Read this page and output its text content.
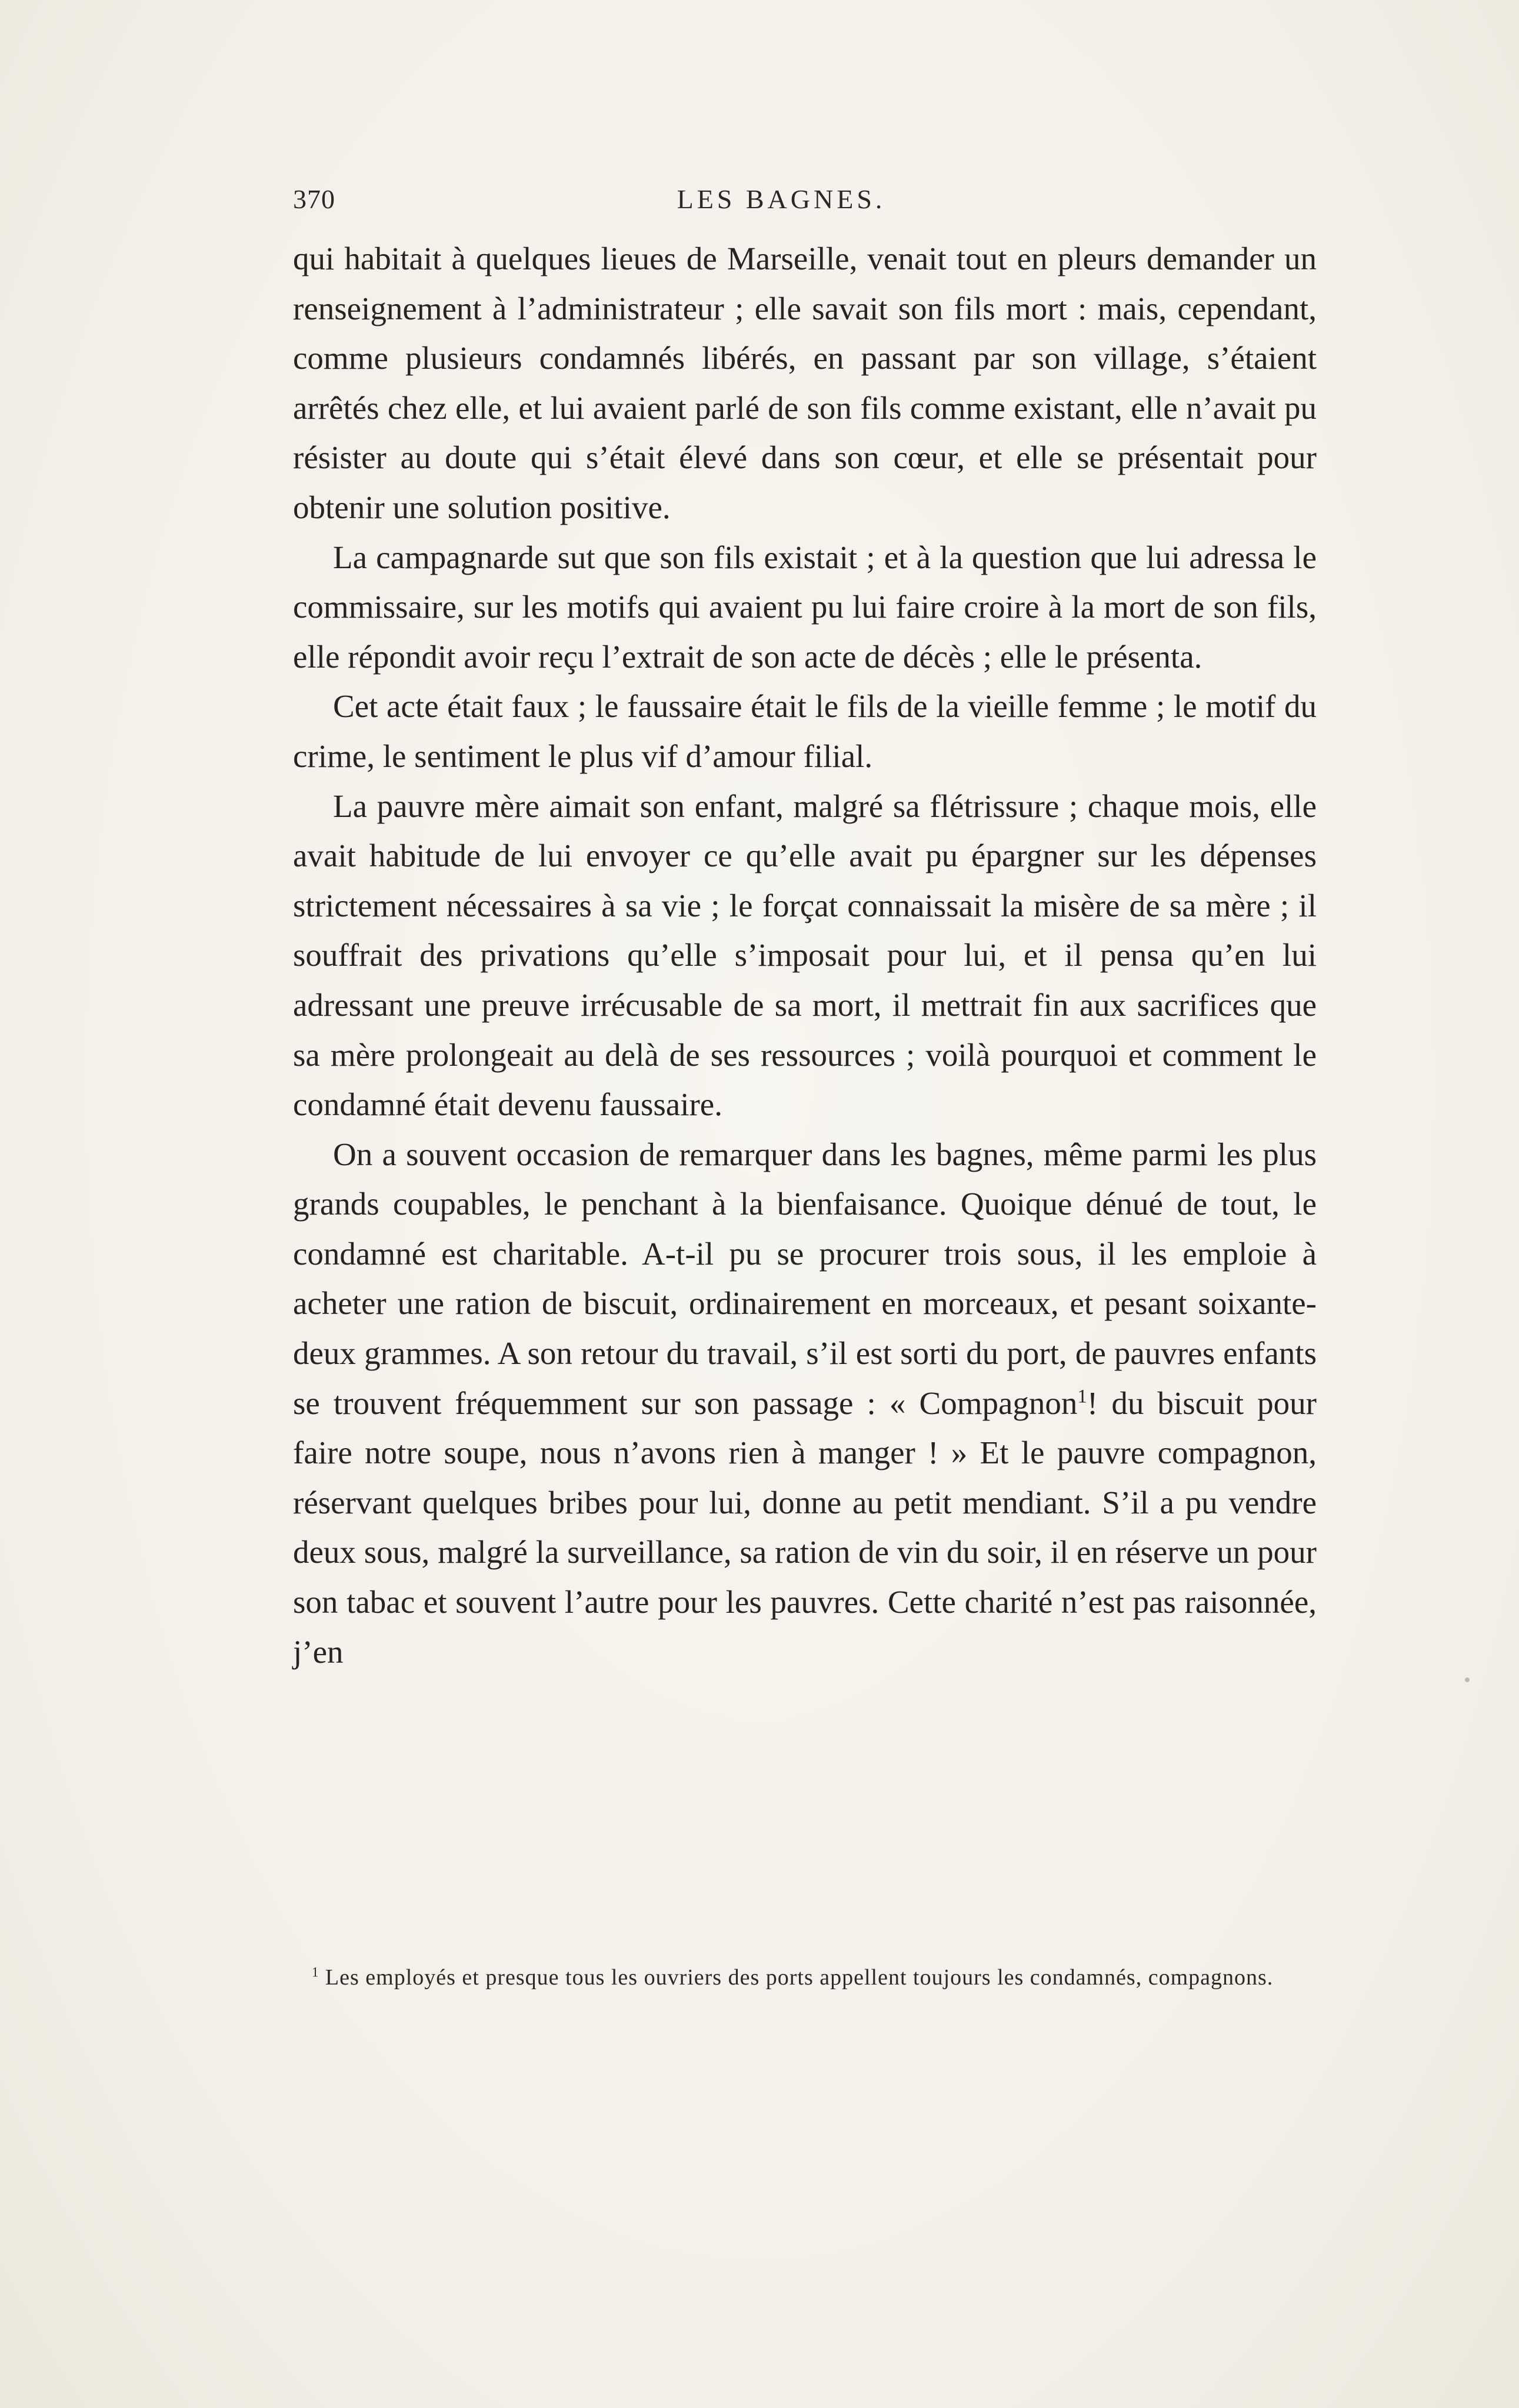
370	LES BAGNES.

qui habitait à quelques lieues de Marseille, venait tout en pleurs demander un renseignement à l’administrateur ; elle savait son fils mort : mais, cependant, comme plusieurs condamnés libérés, en passant par son village, s’étaient arrêtés chez elle, et lui avaient parlé de son fils comme existant, elle n’avait pu résister au doute qui s’était élevé dans son cœur, et elle se présentait pour obtenir une solution positive.

La campagnarde sut que son fils existait ; et à la question que lui adressa le commissaire, sur les motifs qui avaient pu lui faire croire à la mort de son fils, elle répondit avoir reçu l’extrait de son acte de décès ; elle le présenta.

Cet acte était faux ; le faussaire était le fils de la vieille femme ; le motif du crime, le sentiment le plus vif d’amour filial.

La pauvre mère aimait son enfant, malgré sa flétrissure ; chaque mois, elle avait habitude de lui envoyer ce qu’elle avait pu épargner sur les dépenses strictement nécessaires à sa vie ; le forçat connaissait la misère de sa mère ; il souffrait des privations qu’elle s’imposait pour lui, et il pensa qu’en lui adressant une preuve irrécusable de sa mort, il mettrait fin aux sacrifices que sa mère prolongeait au delà de ses ressources ; voilà pourquoi et comment le condamné était devenu faussaire.

On a souvent occasion de remarquer dans les bagnes, même parmi les plus grands coupables, le penchant à la bienfaisance. Quoique dénué de tout, le condamné est charitable. A-t-il pu se procurer trois sous, il les emploie à acheter une ration de biscuit, ordinairement en morceaux, et pesant soixante-deux grammes. A son retour du travail, s’il est sorti du port, de pauvres enfants se trouvent fréquemment sur son passage : « Compagnon$^1$! du biscuit pour faire notre soupe, nous n’avons rien à manger ! » Et le pauvre compagnon, réservant quelques bribes pour lui, donne au petit mendiant. S’il a pu vendre deux sous, malgré la surveillance, sa ration de vin du soir, il en réserve un pour son tabac et souvent l’autre pour les pauvres. Cette charité n’est pas raisonnée, j’en

$^1$ Les employés et presque tous les ouvriers des ports appellent toujours les condamnés, compagnons.
